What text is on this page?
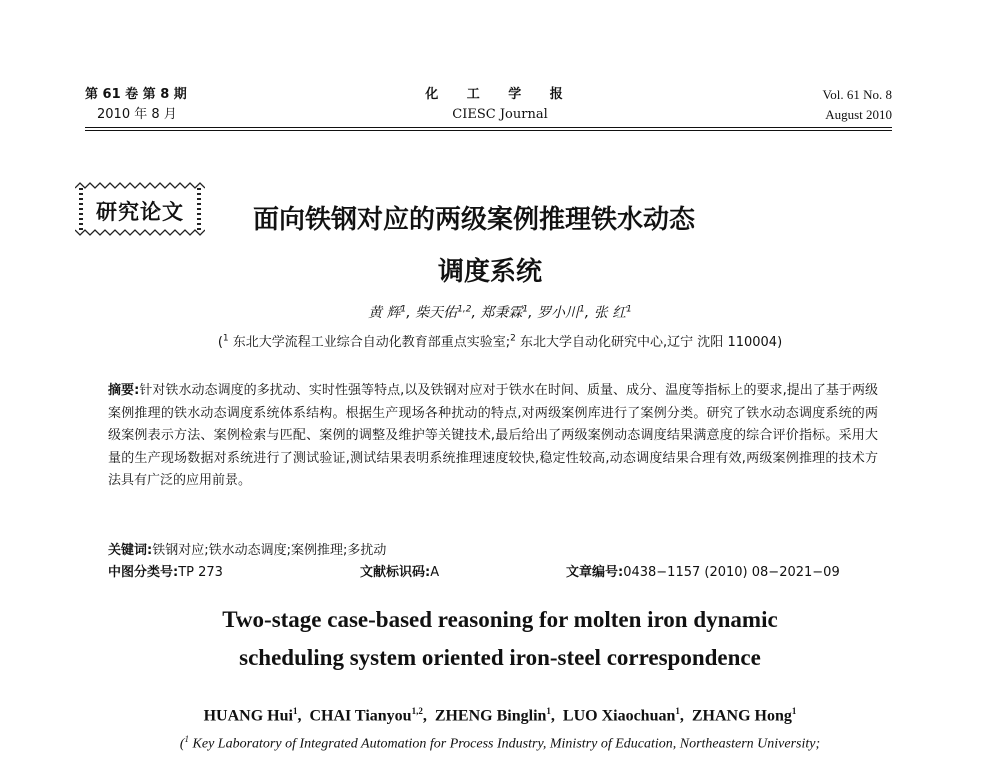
第 61 卷 第 8 期
2010 年 8 月
化 工 学 报
CIESC Journal
Vol. 61 No. 8
August 2010
研究论文	面向铁钢对应的两级案例推理铁水动态
调度系统
黄 辉$^1$, 柴天佑$^{1,2}$, 郑秉霖$^1$, 罗小川$^1$, 张 红$^1$
($^1$ 东北大学流程工业综合自动化教育部重点实验室;$^2$ 东北大学自动化研究中心,辽宁 沈阳 110004)
摘要:针对铁水动态调度的多扰动、实时性强等特点,以及铁钢对应对于铁水在时间、质量、成分、温度等指标上的要求,提出了基于两级案例推理的铁水动态调度系统体系结构。根据生产现场各种扰动的特点,对两级案例库进行了案例分类。研究了铁水动态调度系统的两级案例表示方法、案例检索与匹配、案例的调整及维护等关键技术,最后给出了两级案例动态调度结果满意度的综合评价指标。采用大量的生产现场数据对系统进行了测试验证,测试结果表明系统推理速度较快,稳定性较高,动态调度结果合理有效,两级案例推理的技术方法具有广泛的应用前景。
关键词:铁钢对应;铁水动态调度;案例推理;多扰动
中图分类号:TP 273	文献标识码:A	文章编号:0438−1157 (2010) 08−2021−09
Two-stage case-based reasoning for molten iron dynamic
scheduling system oriented iron-steel correspondence
HUANG Hui$^1$,  CHAI Tianyou$^{1,2}$,  ZHENG Binglin$^1$,  LUO Xiaochuan$^1$,  ZHANG Hong$^1$
($^1$ Key Laboratory of Integrated Automation for Process Industry, Ministry of Education, Northeastern University;
